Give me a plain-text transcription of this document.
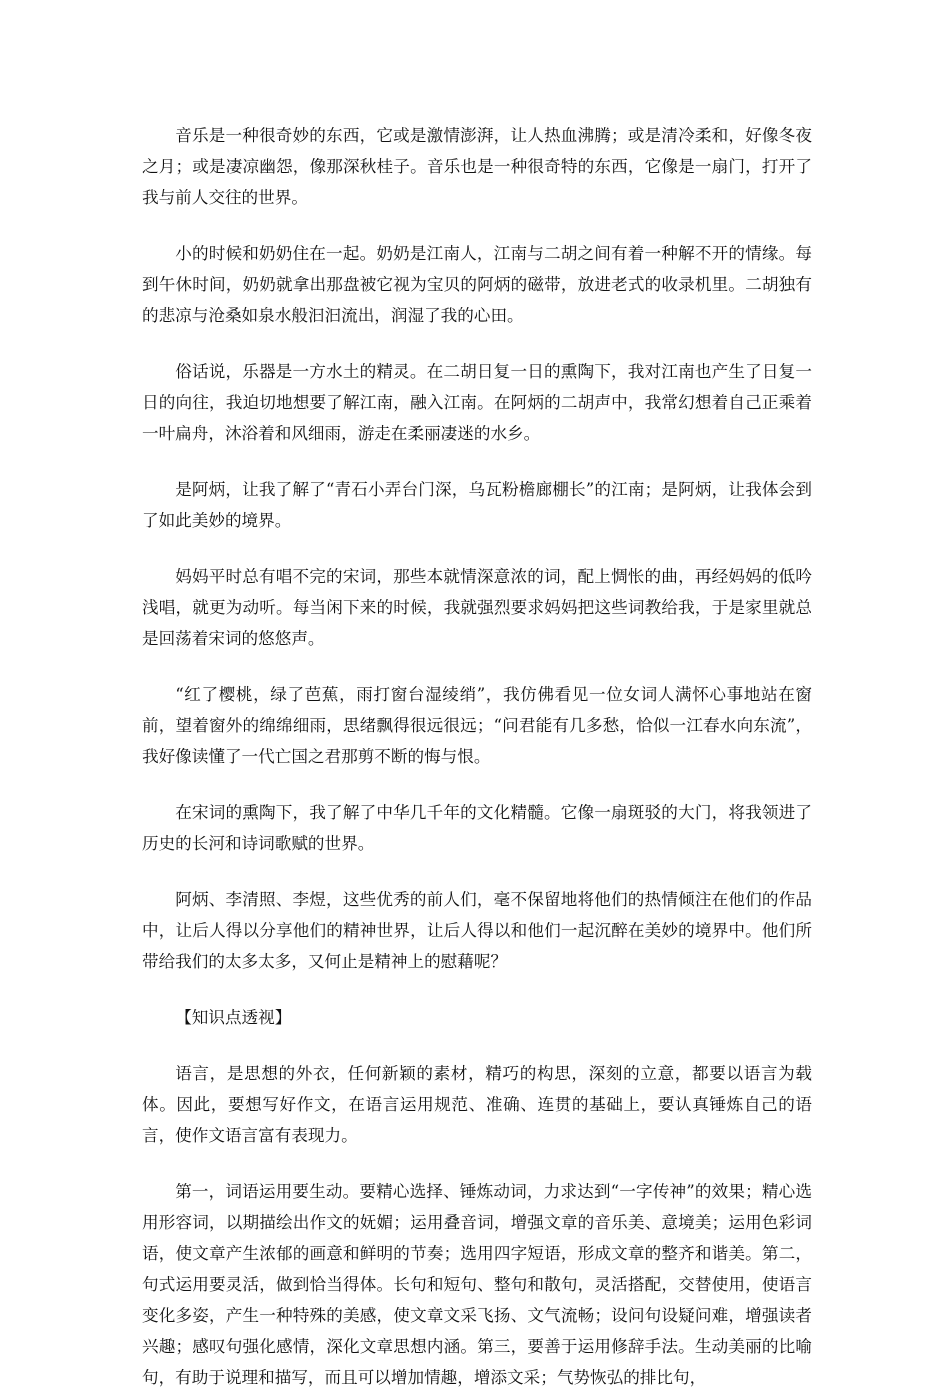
音乐是一种很奇妙的东西，它或是激情澎湃，让人热血沸腾；或是清冷柔和，好像冬夜之月；或是凄凉幽怨，像那深秋桂子。音乐也是一种很奇特的东西，它像是一扇门，打开了我与前人交往的世界。

小的时候和奶奶住在一起。奶奶是江南人，江南与二胡之间有着一种解不开的情缘。每到午休时间，奶奶就拿出那盘被它视为宝贝的阿炳的磁带，放进老式的收录机里。二胡独有的悲凉与沧桑如泉水般汩汩流出，润湿了我的心田。

俗话说，乐器是一方水土的精灵。在二胡日复一日的熏陶下，我对江南也产生了日复一日的向往，我迫切地想要了解江南，融入江南。在阿炳的二胡声中，我常幻想着自己正乘着一叶扁舟，沐浴着和风细雨，游走在柔丽凄迷的水乡。

是阿炳，让我了解了“青石小弄台门深，乌瓦粉檐廊棚长”的江南；是阿炳，让我体会到了如此美妙的境界。

妈妈平时总有唱不完的宋词，那些本就情深意浓的词，配上惆怅的曲，再经妈妈的低吟浅唱，就更为动听。每当闲下来的时候，我就强烈要求妈妈把这些词教给我，于是家里就总是回荡着宋词的悠悠声。

“红了樱桃，绿了芭蕉，雨打窗台湿绫绡”，我仿佛看见一位女词人满怀心事地站在窗前，望着窗外的绵绵细雨，思绪飘得很远很远；“问君能有几多愁，恰似一江春水向东流”，我好像读懂了一代亡国之君那剪不断的悔与恨。

在宋词的熏陶下，我了解了中华几千年的文化精髓。它像一扇斑驳的大门，将我领进了历史的长河和诗词歌赋的世界。

阿炳、李清照、李煜，这些优秀的前人们，毫不保留地将他们的热情倾注在他们的作品中，让后人得以分享他们的精神世界，让后人得以和他们一起沉醉在美妙的境界中。他们所带给我们的太多太多，又何止是精神上的慰藉呢？

【知识点透视】

语言，是思想的外衣，任何新颖的素材，精巧的构思，深刻的立意，都要以语言为载体。因此，要想写好作文，在语言运用规范、准确、连贯的基础上，要认真锤炼自己的语言，使作文语言富有表现力。

第一，词语运用要生动。要精心选择、锤炼动词，力求达到“一字传神”的效果；精心选用形容词，以期描绘出作文的妩媚；运用叠音词，增强文章的音乐美、意境美；运用色彩词语，使文章产生浓郁的画意和鲜明的节奏；选用四字短语，形成文章的整齐和谐美。第二，句式运用要灵活，做到恰当得体。长句和短句、整句和散句，灵活搭配，交替使用，使语言变化多姿，产生一种特殊的美感，使文章文采飞扬、文气流畅；设问句设疑问难，增强读者兴趣；感叹句强化感情，深化文章思想内涵。第三，要善于运用修辞手法。生动美丽的比喻句，有助于说理和描写，而且可以增加情趣，增添文采；气势恢弘的排比句，
